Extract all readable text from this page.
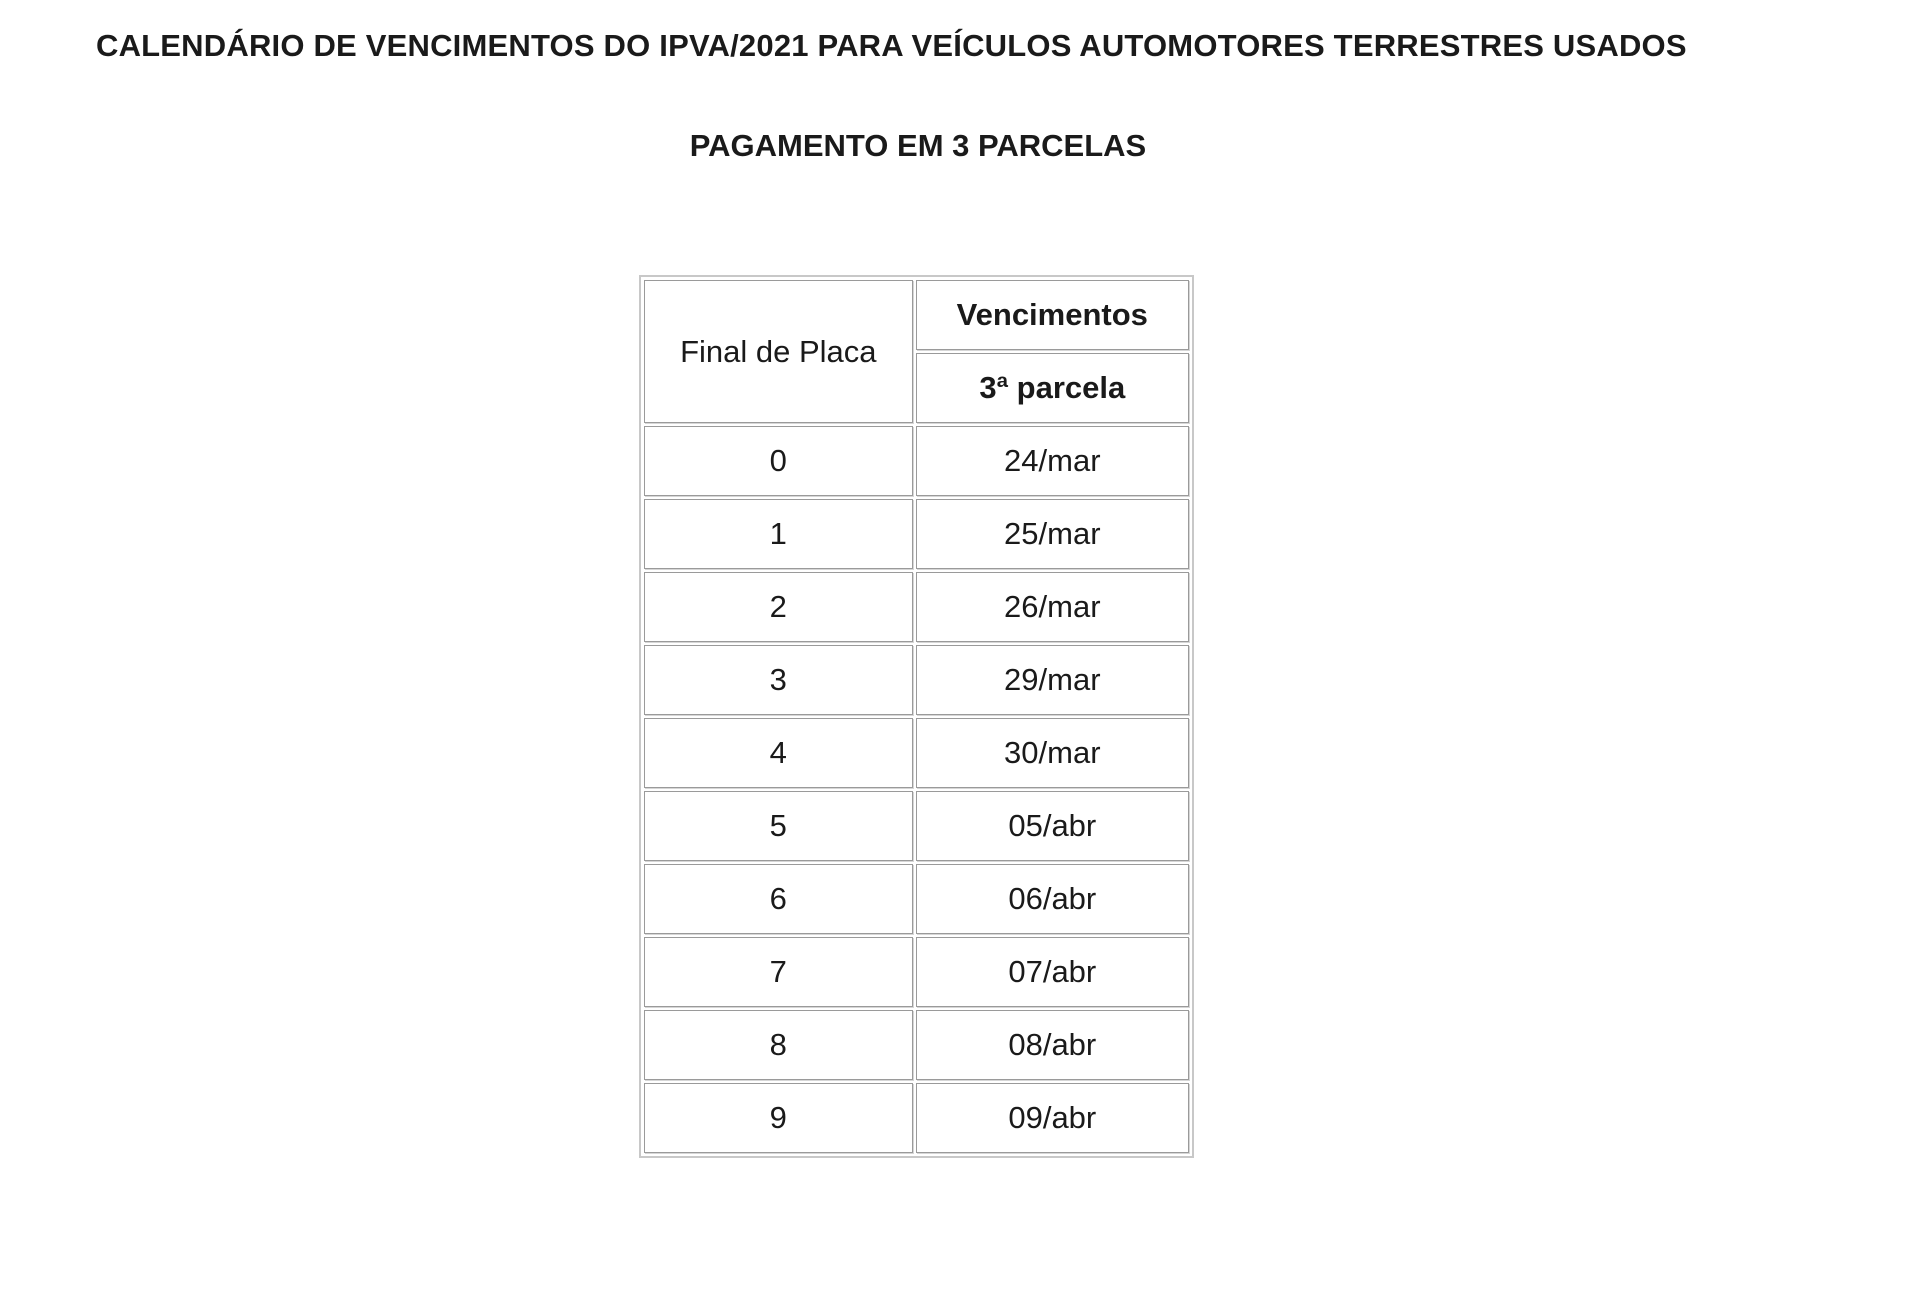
CALENDÁRIO DE VENCIMENTOS DO IPVA/2021 PARA VEÍCULOS AUTOMOTORES TERRESTRES USADOS
PAGAMENTO EM 3 PARCELAS
Final de Placa	Vencimentos
	3ª parcela
0	24/mar
1	25/mar
2	26/mar
3	29/mar
4	30/mar
5	05/abr
6	06/abr
7	07/abr
8	08/abr
9	09/abr
